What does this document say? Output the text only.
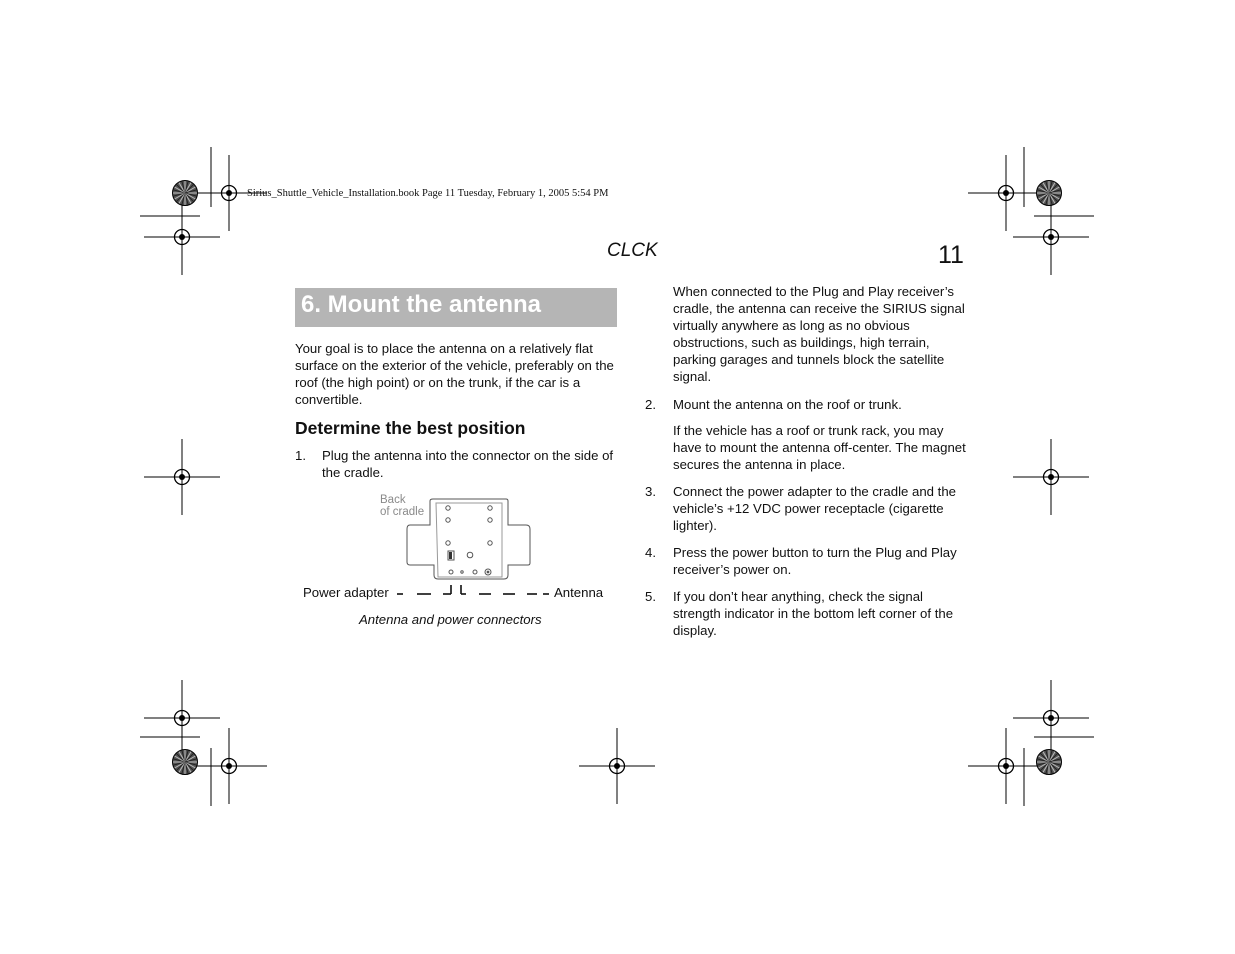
Sirius_Shuttle_Vehicle_Installation.book Page 11 Tuesday, February 1, 2005 5:54 PM
CLCK	11
6. Mount the antenna
Your goal is to place the antenna on a relatively flat surface on the exterior of the vehicle, preferably on the roof (the high point) or on the trunk, if the car is a convertible.
Determine the best position
1. Plug the antenna into the connector on the side of the cradle.
Back
of cradle
Power adapter	Antenna
Antenna and power connectors
When connected to the Plug and Play receiver’s cradle, the antenna can receive the SIRIUS signal virtually anywhere as long as no obvious obstructions, such as buildings, high terrain, parking garages and tunnels block the satellite signal.
2. Mount the antenna on the roof or trunk.
If the vehicle has a roof or trunk rack, you may have to mount the antenna off-center. The magnet secures the antenna in place.
3. Connect the power adapter to the cradle and the vehicle’s +12 VDC power receptacle (cigarette lighter).
4. Press the power button to turn the Plug and Play receiver’s power on.
5. If you don’t hear anything, check the signal strength indicator in the bottom left corner of the display.
